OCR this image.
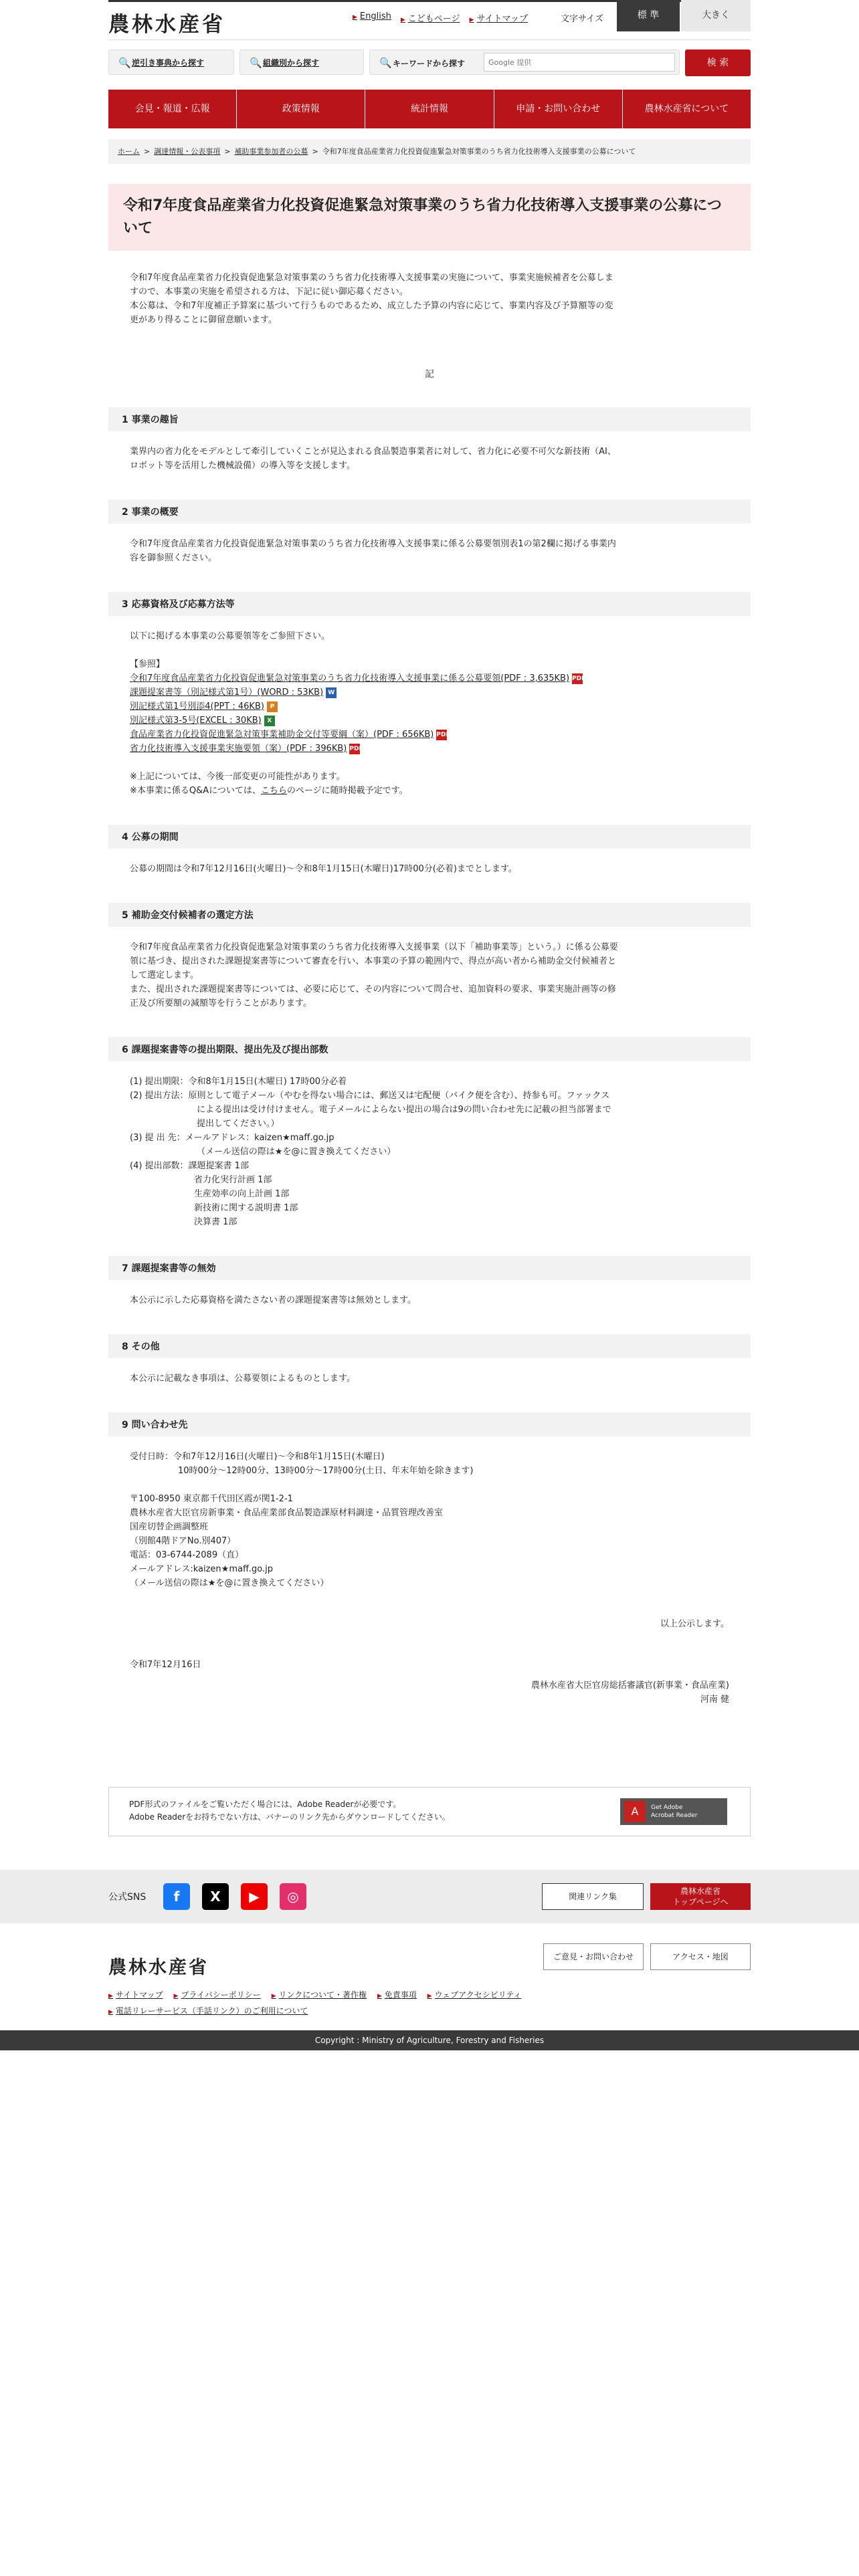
農林水産省	▶ English ▶ こどもページ ▶ サイトマップ	文字サイズ	標 準	大きく
🔍 逆引き事典から探す	🔍 組織別から探す	🔍 キーワードから探す
Google 提供	検 索
会見・報道・広報	政策情報	統計情報	申請・お問い合わせ	農林水産省について
ホーム > 調達情報・公表事項 > 補助事業参加者の公募 > 令和7年度食品産業省力化投資促進緊急対策事業のうち省力化技術導入支援事業の公募について
令和7年度食品産業省力化投資促進緊急対策事業のうち省力化技術導入支援事業の公募について
令和7年度食品産業省力化投資促進緊急対策事業のうち省力化技術導入支援事業の実施について、事業実施候補者を公募しま
すので、本事業の実施を希望される方は、下記に従い御応募ください。
本公募は、令和7年度補正予算案に基づいて行うものであるため、成立した予算の内容に応じて、事業内容及び予算額等の変
更があり得ることに御留意願います。
記
1 事業の趣旨
業界内の省力化をモデルとして牽引していくことが見込まれる食品製造事業者に対して、省力化に必要不可欠な新技術（AI、
ロボット等を活用した機械設備）の導入等を支援します。
2 事業の概要
令和7年度食品産業省力化投資促進緊急対策事業のうち省力化技術導入支援事業に係る公募要領別表1の第2欄に掲げる事業内
容を御参照ください。
3 応募資格及び応募方法等
以下に掲げる本事業の公募要領等をご参照下さい。
【参照】
令和7年度食品産業省力化投資促進緊急対策事業のうち省力化技術導入支援事業に係る公募要領(PDF : 3,635KB) PDF
課題提案書等（別記様式第1号）(WORD : 53KB) W
別記様式第1号別添4(PPT : 46KB) P
別記様式第3-5号(EXCEL : 30KB) X
食品産業省力化投資促進緊急対策事業補助金交付等要綱（案）(PDF : 656KB) PDF
省力化技術導入支援事業実施要領（案）(PDF : 396KB) PDF
※上記については、今後一部変更の可能性があります。
※本事業に係るQ&Aについては、こちらのページに随時掲載予定です。
4 公募の期間
公募の期間は令和7年12月16日(火曜日)～令和8年1月15日(木曜日)17時00分(必着)までとします。
5 補助金交付候補者の選定方法
令和7年度食品産業省力化投資促進緊急対策事業のうち省力化技術導入支援事業（以下「補助事業等」という。）に係る公募要
領に基づき、提出された課題提案書等について審査を行い、本事業の予算の範囲内で、得点が高い者から補助金交付候補者と
して選定します。
また、提出された課題提案書等については、必要に応じて、その内容について問合せ、追加資料の要求、事業実施計画等の修
正及び所要額の減額等を行うことがあります。
6 課題提案書等の提出期限、提出先及び提出部数
(1) 提出期限：令和8年1月15日(木曜日) 17時00分必着
(2) 提出方法：原則として電子メール（やむを得ない場合には、郵送又は宅配便（バイク便を含む）、持参も可。ファックス
による提出は受け付けません。電子メールによらない提出の場合は9の問い合わせ先に記載の担当部署まで
提出してください。）
(3) 提 出 先：メールアドレス：kaizen★maff.go.jp
（メール送信の際は★を@に置き換えてください）
(4) 提出部数：課題提案書 1部
省力化実行計画 1部
生産効率の向上計画 1部
新技術に関する説明書 1部
決算書 1部
7 課題提案書等の無効
本公示に示した応募資格を満たさない者の課題提案書等は無効とします。
8 その他
本公示に記載なき事項は、公募要領によるものとします。
9 問い合わせ先
受付日時：令和7年12月16日(火曜日)～令和8年1月15日(木曜日)
10時00分～12時00分、13時00分～17時00分(土日、年末年始を除きます)
〒100-8950 東京都千代田区霞が関1-2-1
農林水産省大臣官房新事業・食品産業部食品製造課原材料調達・品質管理改善室
国産切替企画調整班
（別館4階ドアNo.別407）
電話：03-6744-2089（直）
メールアドレス:kaizen★maff.go.jp
（メール送信の際は★を@に置き換えてください）
以上公示します。
令和7年12月16日
農林水産省大臣官房総括審議官(新事業・食品産業)
河南 健
PDF形式のファイルをご覧いただく場合には、Adobe Readerが必要です。
Adobe Readerをお持ちでない方は、バナーのリンク先からダウンロードしてください。	A	Get Adobe
Acrobat Reader
公式SNS	f	X	▶	◎	関連リンク集
農林水産省
トップページへ
農林水産省
ご意見・お問い合わせ	アクセス・地図
▶ サイトマップ ▶ プライバシーポリシー ▶ リンクについて・著作権 ▶ 免責事項 ▶ ウェブアクセシビリティ
▶ 電話リレーサービス（手話リンク）のご利用について
Copyright : Ministry of Agriculture, Forestry and Fisheries
